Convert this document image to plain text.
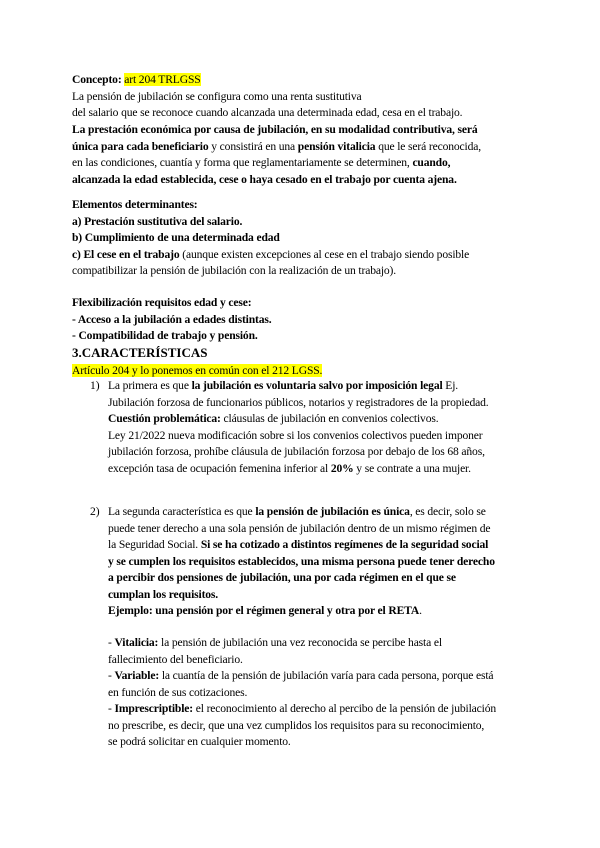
Concepto: art 204 TRLGSS
La pensión de jubilación se configura como una renta sustitutiva
del salario que se reconoce cuando alcanzada una determinada edad, cesa en el trabajo.

La prestación económica por causa de jubilación, en su modalidad contributiva, será
única para cada beneficiario y consistirá en una pensión vitalicia que le será reconocida,
en las condiciones, cuantía y forma que reglamentariamente se determinen, cuando,
alcanzada la edad establecida, cese o haya cesado en el trabajo por cuenta ajena.

Elementos determinantes:
a) Prestación sustitutiva del salario.
b) Cumplimiento de una determinada edad
c) El cese en el trabajo (aunque existen excepciones al cese en el trabajo siendo posible
compatibilizar la pensión de jubilación con la realización de un trabajo).

Flexibilización requisitos edad y cese:
- Acceso a la jubilación a edades distintas.
- Compatibilidad de trabajo y pensión.

3.CARACTERÍSTICAS
Artículo 204 y lo ponemos en común con el 212 LGSS.

1) La primera es que la jubilación es voluntaria salvo por imposición legal Ej.
Jubilación forzosa de funcionarios públicos, notarios y registradores de la propiedad.
Cuestión problemática: cláusulas de jubilación en convenios colectivos.
Ley 21/2022 nueva modificación sobre si los convenios colectivos pueden imponer
jubilación forzosa, prohíbe cláusula de jubilación forzosa por debajo de los 68 años,
excepción tasa de ocupación femenina inferior al 20% y se contrate a una mujer.

2) La segunda característica es que la pensión de jubilación es única, es decir, solo se
puede tener derecho a una sola pensión de jubilación dentro de un mismo régimen de
la Seguridad Social. Si se ha cotizado a distintos regímenes de la seguridad social
y se cumplen los requisitos establecidos, una misma persona puede tener derecho
a percibir dos pensiones de jubilación, una por cada régimen en el que se
cumplan los requisitos.
Ejemplo: una pensión por el régimen general y otra por el RETA.

- Vitalicia: la pensión de jubilación una vez reconocida se percibe hasta el
fallecimiento del beneficiario.
- Variable: la cuantía de la pensión de jubilación varía para cada persona, porque está
en función de sus cotizaciones.
- Imprescriptible: el reconocimiento al derecho al percibo de la pensión de jubilación
no prescribe, es decir, que una vez cumplidos los requisitos para su reconocimiento,
se podrá solicitar en cualquier momento.
